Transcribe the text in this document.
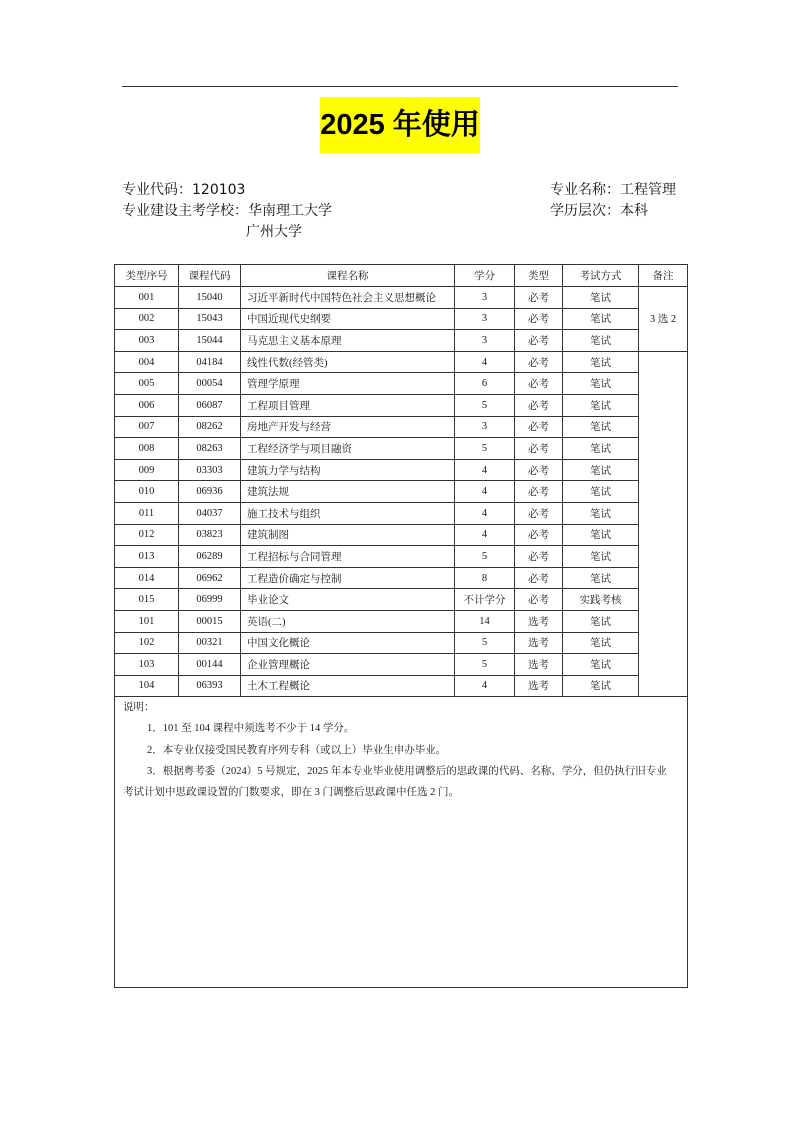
2025 年使用
专业代码：120103	专业名称：工程管理
专业建设主考学校：华南理工大学	学历层次：本科
广州大学
类型序号	课程代码	课程名称	学分	类型	考试方式	备注
001	15040	习近平新时代中国特色社会主义思想概论	3	必考	笔试	3 选 2
002	15043	中国近现代史纲要	3	必考	笔试	
003	15044	马克思主义基本原理	3	必考	笔试	
004	04184	线性代数(经管类)	4	必考	笔试	
005	00054	管理学原理	6	必考	笔试	
006	06087	工程项目管理	5	必考	笔试	
007	08262	房地产开发与经营	3	必考	笔试	
008	08263	工程经济学与项目融资	5	必考	笔试	
009	03303	建筑力学与结构	4	必考	笔试	
010	06936	建筑法规	4	必考	笔试	
011	04037	施工技术与组织	4	必考	笔试	
012	03823	建筑制图	4	必考	笔试	
013	06289	工程招标与合同管理	5	必考	笔试	
014	06962	工程造价确定与控制	8	必考	笔试	
015	06999	毕业论文	不计学分	必考	实践考核	
101	00015	英语(二)	14	选考	笔试	
102	00321	中国文化概论	5	选考	笔试	
103	00144	企业管理概论	5	选考	笔试	
104	06393	土木工程概论	4	选考	笔试	

说明：
1．101 至 104 课程中须选考不少于 14 学分。
2．本专业仅接受国民教育序列专科（或以上）毕业生申办毕业。
3．根据粤考委（2024）5 号规定，2025 年本专业毕业使用调整后的思政课的代码、名称、学分，但仍执行旧专业
考试计划中思政课设置的门数要求，即在 3 门调整后思政课中任选 2 门。						
